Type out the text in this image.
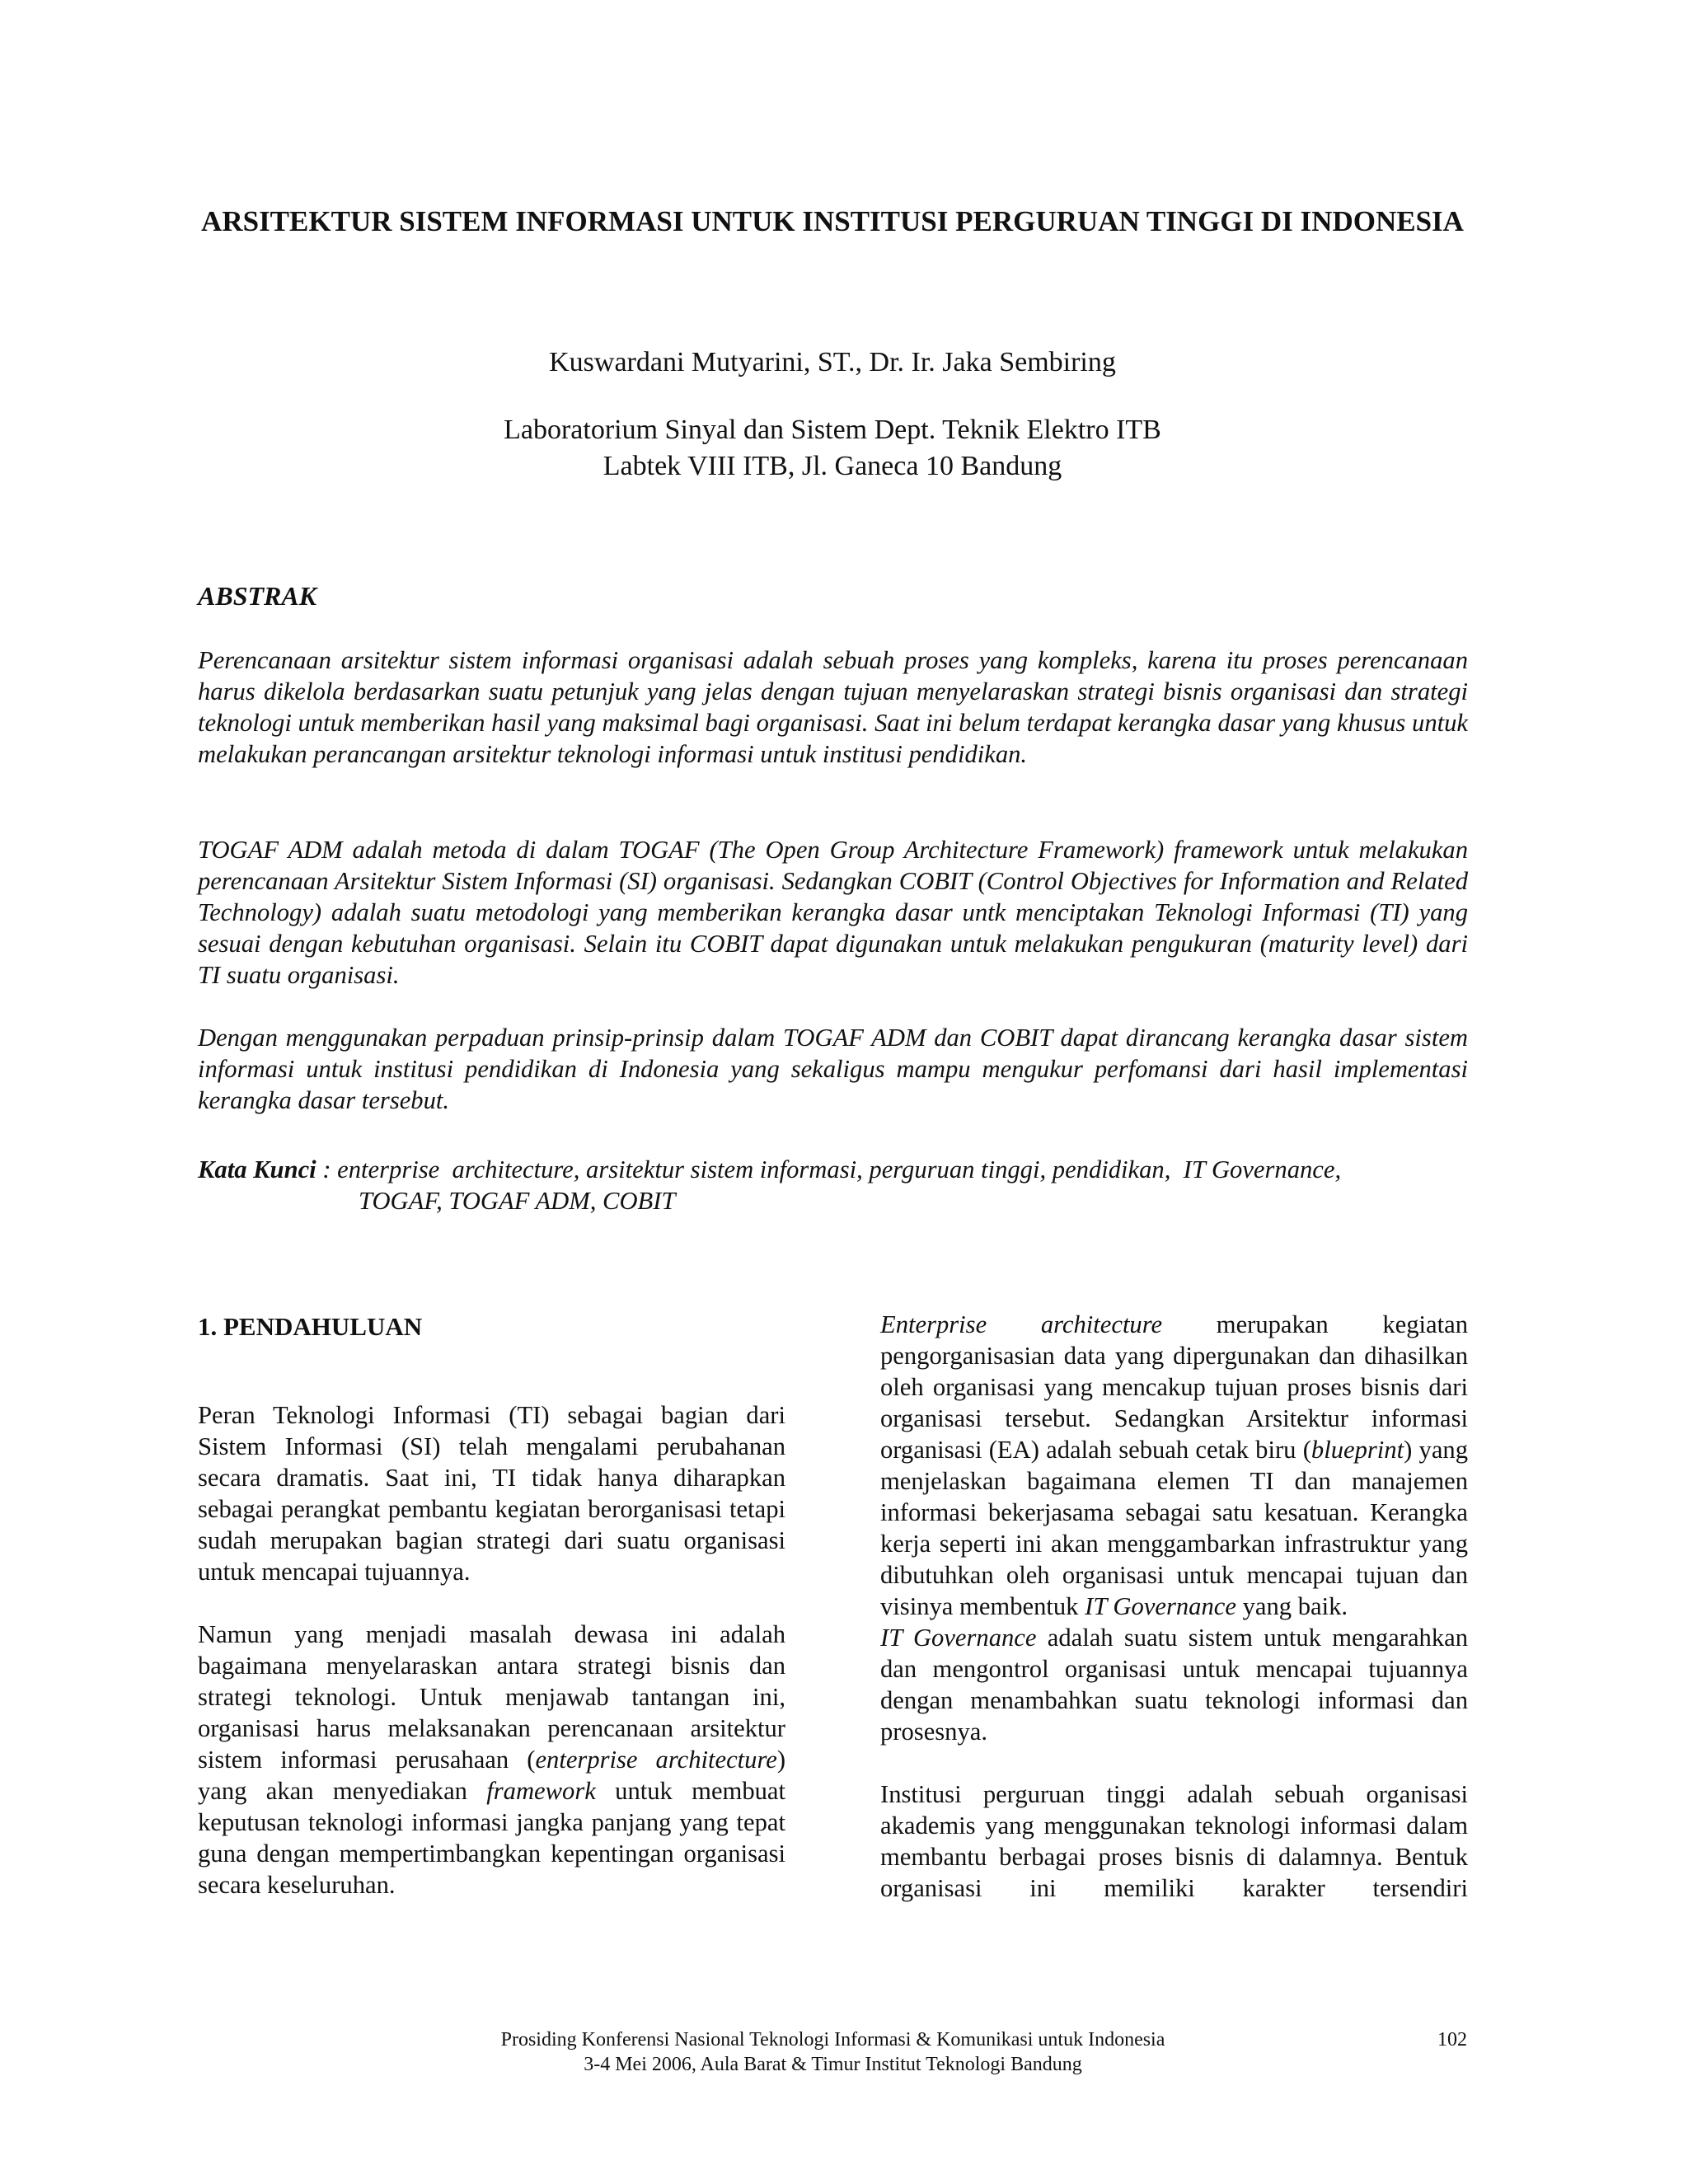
ARSITEKTUR SISTEM INFORMASI UNTUK INSTITUSI PERGURUAN TINGGI DI INDONESIA
Kuswardani Mutyarini, ST., Dr. Ir. Jaka Sembiring
Laboratorium Sinyal dan Sistem Dept. Teknik Elektro ITB
Labtek VIII ITB, Jl. Ganeca 10 Bandung
ABSTRAK

Perencanaan arsitektur sistem informasi organisasi adalah sebuah proses yang kompleks, karena itu proses perencanaan harus dikelola berdasarkan suatu petunjuk yang jelas dengan tujuan menyelaraskan strategi bisnis organisasi dan strategi teknologi untuk memberikan hasil yang maksimal bagi organisasi. Saat ini belum terdapat kerangka dasar yang khusus untuk melakukan perancangan arsitektur teknologi informasi untuk institusi pendidikan.

TOGAF ADM adalah metoda di dalam TOGAF (The Open Group Architecture Framework) framework untuk melakukan perencanaan Arsitektur Sistem Informasi (SI) organisasi. Sedangkan COBIT (Control Objectives for Information and Related Technology) adalah suatu metodologi yang memberikan kerangka dasar untk menciptakan Teknologi Informasi (TI) yang sesuai dengan kebutuhan organisasi. Selain itu COBIT dapat digunakan untuk melakukan pengukuran (maturity level) dari TI suatu organisasi.

Dengan menggunakan perpaduan prinsip-prinsip dalam TOGAF ADM dan COBIT dapat dirancang kerangka dasar sistem informasi untuk institusi pendidikan di Indonesia yang sekaligus mampu mengukur perfomansi dari hasil implementasi kerangka dasar tersebut.

Kata Kunci : enterprise  architecture, arsitektur sistem informasi, perguruan tinggi, pendidikan,  IT Governance,
TOGAF, TOGAF ADM, COBIT
1. PENDAHULUAN

Peran Teknologi Informasi (TI) sebagai bagian dari Sistem Informasi (SI) telah mengalami perubahanan secara dramatis. Saat ini, TI tidak hanya diharapkan sebagai perangkat pembantu kegiatan berorganisasi tetapi sudah merupakan bagian strategi dari suatu organisasi untuk mencapai tujuannya.

Namun yang menjadi masalah dewasa ini adalah bagaimana menyelaraskan antara strategi bisnis dan strategi teknologi. Untuk menjawab tantangan ini, organisasi harus melaksanakan perencanaan arsitektur sistem informasi perusahaan (enterprise architecture) yang akan menyediakan framework untuk membuat keputusan teknologi informasi jangka panjang yang tepat guna dengan mempertimbangkan kepentingan organisasi secara keseluruhan.

Enterprise architecture merupakan kegiatan pengorganisasian data yang dipergunakan dan dihasilkan oleh organisasi yang mencakup tujuan proses bisnis dari organisasi tersebut. Sedangkan Arsitektur informasi organisasi (EA) adalah sebuah cetak biru (blueprint) yang menjelaskan bagaimana elemen TI dan manajemen informasi bekerjasama sebagai satu kesatuan. Kerangka kerja seperti ini akan menggambarkan infrastruktur yang dibutuhkan oleh organisasi untuk mencapai tujuan dan visinya membentuk IT Governance yang baik.

IT Governance adalah suatu sistem untuk mengarahkan dan mengontrol organisasi untuk mencapai tujuannya dengan menambahkan suatu teknologi informasi dan prosesnya.

Institusi perguruan tinggi adalah sebuah organisasi akademis yang menggunakan teknologi informasi dalam membantu berbagai proses bisnis di dalamnya. Bentuk organisasi ini memiliki karakter tersendiri

Prosiding Konferensi Nasional Teknologi Informasi & Komunikasi untuk Indonesia
3-4 Mei 2006, Aula Barat & Timur Institut Teknologi Bandung
102
